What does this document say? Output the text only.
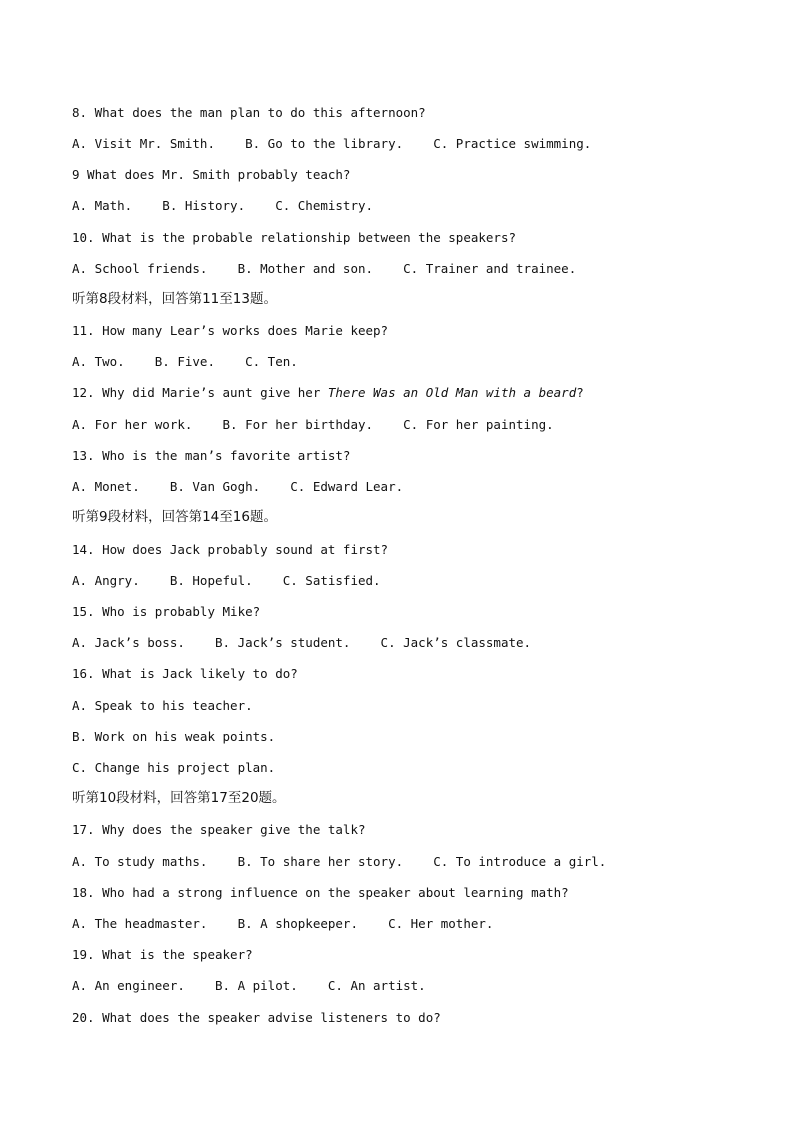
8. What does the man plan to do this afternoon?
A. Visit Mr. Smith.    B. Go to the library.    C. Practice swimming.
9 What does Mr. Smith probably teach?
A. Math.    B. History.    C. Chemistry.
10. What is the probable relationship between the speakers?
A. School friends.    B. Mother and son.    C. Trainer and trainee.
听第8段材料，回答第11至13题。
11. How many Lear’s works does Marie keep?
A. Two.    B. Five.    C. Ten.
12. Why did Marie’s aunt give her There Was an Old Man with a beard?
A. For her work.    B. For her birthday.    C. For her painting.
13. Who is the man’s favorite artist?
A. Monet.    B. Van Gogh.    C. Edward Lear.
听第9段材料，回答第14至16题。
14. How does Jack probably sound at first?
A. Angry.    B. Hopeful.    C. Satisfied.
15. Who is probably Mike?
A. Jack’s boss.    B. Jack’s student.    C. Jack’s classmate.
16. What is Jack likely to do?
A. Speak to his teacher.
B. Work on his weak points.
C. Change his project plan.
听第10段材料，回答第17至20题。
17. Why does the speaker give the talk?
A. To study maths.    B. To share her story.    C. To introduce a girl.
18. Who had a strong influence on the speaker about learning math?
A. The headmaster.    B. A shopkeeper.    C. Her mother.
19. What is the speaker?
A. An engineer.    B. A pilot.    C. An artist.
20. What does the speaker advise listeners to do?
